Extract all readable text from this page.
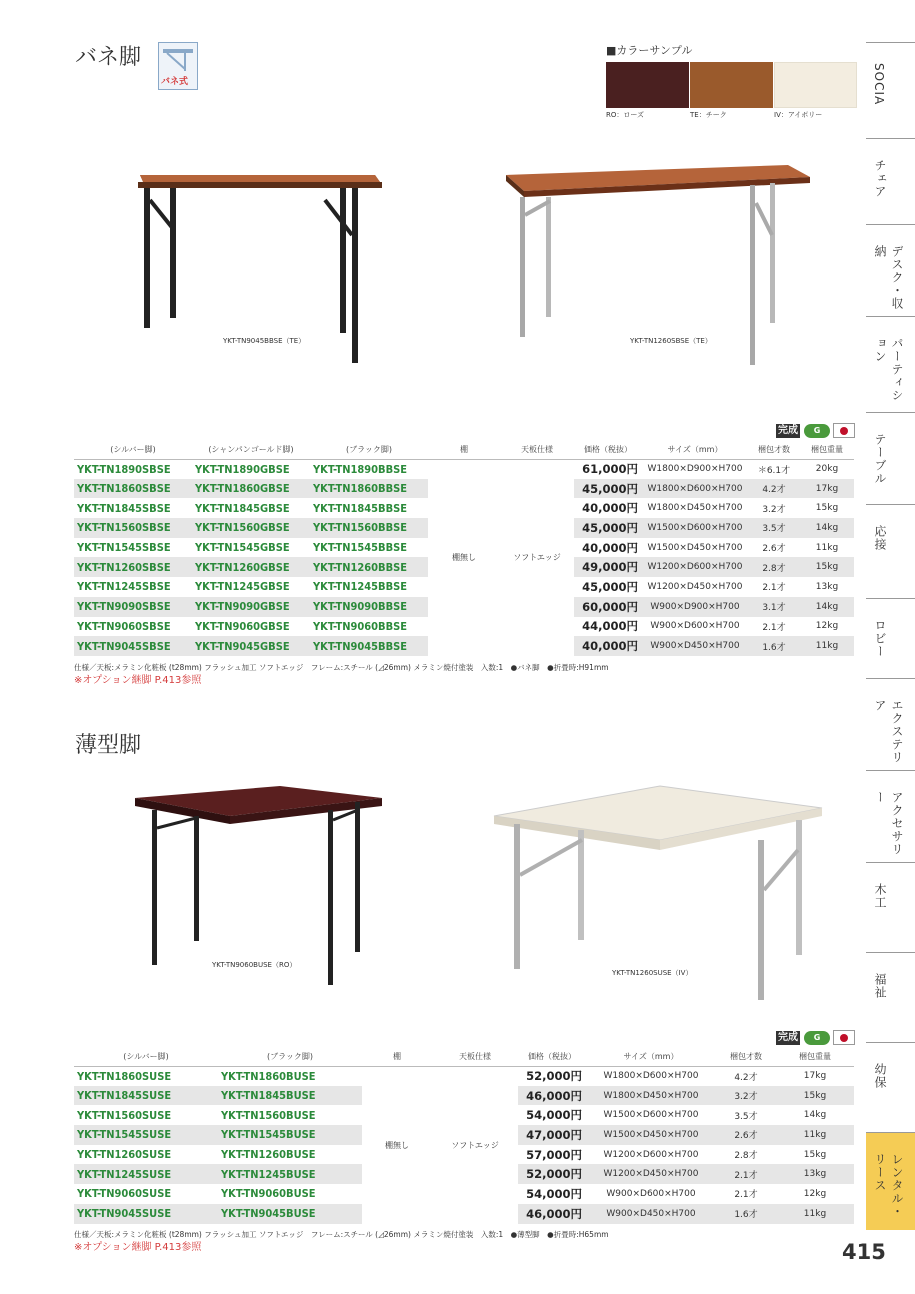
SOCIA
チェア
デスク・収納
パーティション
テーブル
応接
ロビー
エクステリア
アクセサリー
木工
福祉
幼保
レンタル・リース
415
バネ脚
バネ式
■カラーサンプル
RO：ローズ	TE：チーク	IV：アイボリー
YKT-TN9045BBSE（TE）	YKT-TN1260SBSE（TE）
完成	G
(シルバー脚)	(シャンパンゴールド脚)	(ブラック脚)	棚	天板仕様	価格（税抜）	サイズ（mm）	梱包才数	梱包重量
YKT-TN1890SBSE	YKT-TN1890GBSE	YKT-TN1890BBSE	棚無し	ソフトエッジ	61,000円	W1800×D900×H700	＊6.1才	20kg
YKT-TN1860SBSE	YKT-TN1860GBSE	YKT-TN1860BBSE			45,000円	W1800×D600×H700	4.2才	17kg
YKT-TN1845SBSE	YKT-TN1845GBSE	YKT-TN1845BBSE			40,000円	W1800×D450×H700	3.2才	15kg
YKT-TN1560SBSE	YKT-TN1560GBSE	YKT-TN1560BBSE			45,000円	W1500×D600×H700	3.5才	14kg
YKT-TN1545SBSE	YKT-TN1545GBSE	YKT-TN1545BBSE			40,000円	W1500×D450×H700	2.6才	11kg
YKT-TN1260SBSE	YKT-TN1260GBSE	YKT-TN1260BBSE			49,000円	W1200×D600×H700	2.8才	15kg
YKT-TN1245SBSE	YKT-TN1245GBSE	YKT-TN1245BBSE			45,000円	W1200×D450×H700	2.1才	13kg
YKT-TN9090SBSE	YKT-TN9090GBSE	YKT-TN9090BBSE			60,000円	W900×D900×H700	3.1才	14kg
YKT-TN9060SBSE	YKT-TN9060GBSE	YKT-TN9060BBSE			44,000円	W900×D600×H700	2.1才	12kg
YKT-TN9045SBSE	YKT-TN9045GBSE	YKT-TN9045BBSE			40,000円	W900×D450×H700	1.6才	11kg
仕様／天板:メラミン化粧板 (t28mm) フラッシュ加工 ソフトエッジ　フレーム:スチール (◿26mm) メラミン焼付塗装　入数:1　●バネ脚　●折畳時:H91mm
※オプション継脚 P.413参照
薄型脚
YKT-TN9060BUSE（RO）
YKT-TN1260SUSE（IV）
完成	G
(シルバー脚)	(ブラック脚)	棚	天板仕様	価格（税抜）	サイズ（mm）	梱包才数	梱包重量
YKT-TN1860SUSE	YKT-TN1860BUSE	棚無し	ソフトエッジ	52,000円	W1800×D600×H700	4.2才	17kg
YKT-TN1845SUSE	YKT-TN1845BUSE			46,000円	W1800×D450×H700	3.2才	15kg
YKT-TN1560SUSE	YKT-TN1560BUSE			54,000円	W1500×D600×H700	3.5才	14kg
YKT-TN1545SUSE	YKT-TN1545BUSE			47,000円	W1500×D450×H700	2.6才	11kg
YKT-TN1260SUSE	YKT-TN1260BUSE			57,000円	W1200×D600×H700	2.8才	15kg
YKT-TN1245SUSE	YKT-TN1245BUSE			52,000円	W1200×D450×H700	2.1才	13kg
YKT-TN9060SUSE	YKT-TN9060BUSE			54,000円	W900×D600×H700	2.1才	12kg
YKT-TN9045SUSE	YKT-TN9045BUSE			46,000円	W900×D450×H700	1.6才	11kg
仕様／天板:メラミン化粧板 (t28mm) フラッシュ加工 ソフトエッジ　フレーム:スチール (◿26mm) メラミン焼付塗装　入数:1　●薄型脚　●折畳時:H65mm
※オプション継脚 P.413参照
